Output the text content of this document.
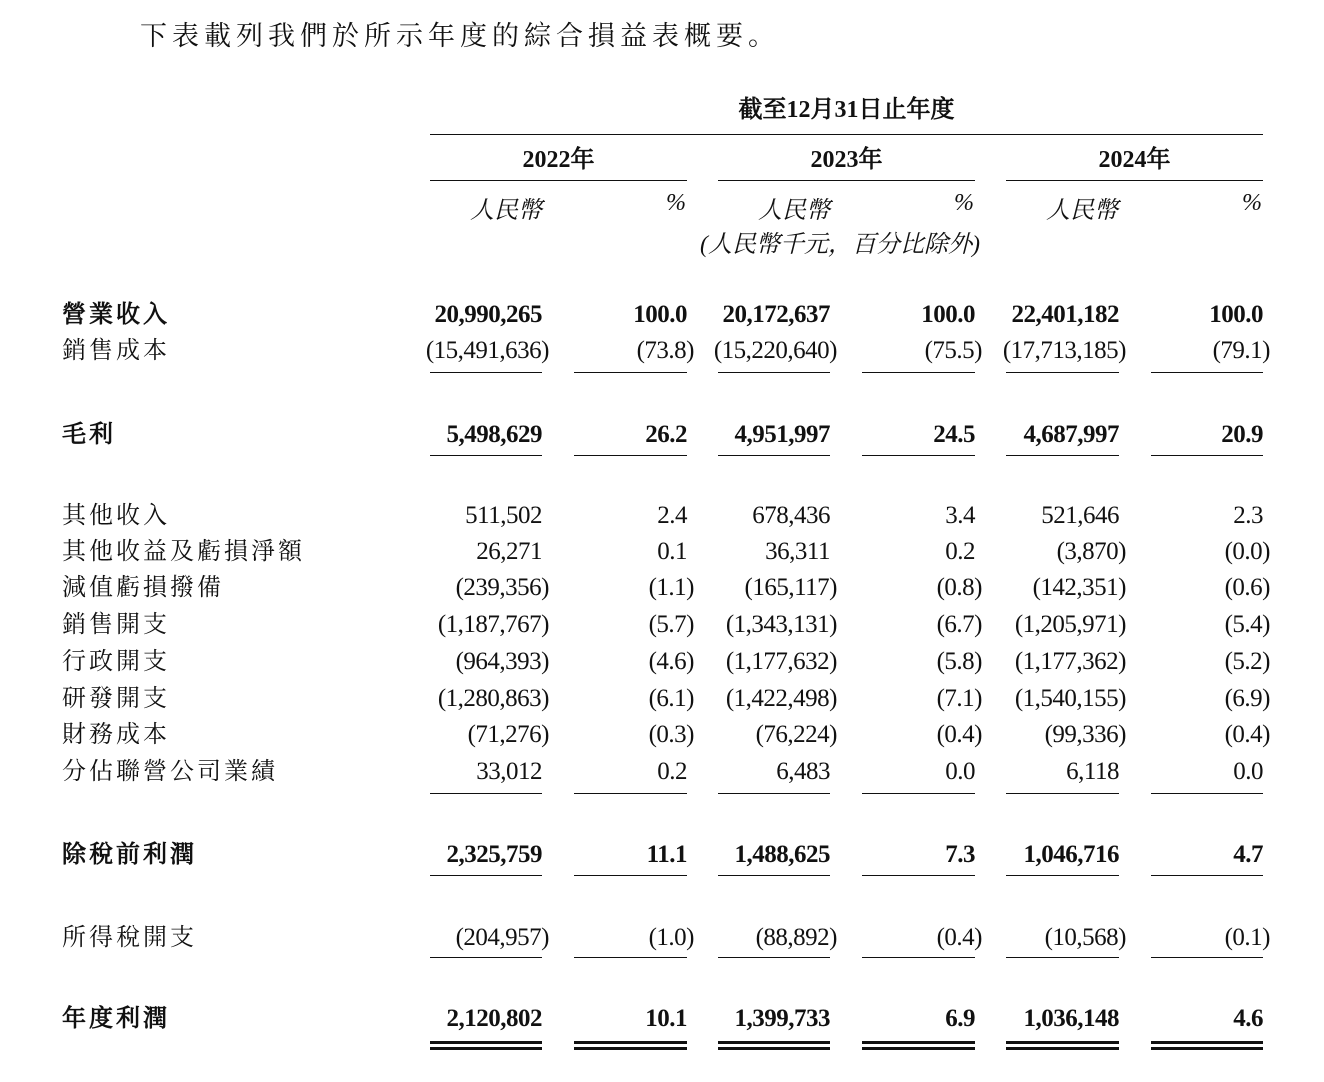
下表載列我們於所示年度的綜合損益表概要。
截至12月31日止年度
2022年	2023年	2024年
人民幣	%	人民幣	%	人民幣	%
(人民幣千元，百分比除外)
營業收入	20,990,265	100.0	20,172,637	100.0	22,401,182	100.0
銷售成本	(15,491,636)	(73.8) (15,220,640)	(75.5) (17,713,185)	(79.1)
毛利	5,498,629	26.2	4,951,997	24.5	4,687,997	20.9
其他收入	511,502	2.4	678,436	3.4	521,646	2.3
其他收益及虧損淨額	26,271	0.1	36,311	0.2	(3,870)	(0.0)
減值虧損撥備	(239,356)	(1.1)	(165,117)	(0.8)	(142,351)	(0.6)
銷售開支	(1,187,767)	(5.7)	(1,343,131)	(6.7)	(1,205,971)	(5.4)
行政開支	(964,393)	(4.6)	(1,177,632)	(5.8)	(1,177,362)	(5.2)
研發開支	(1,280,863)	(6.1)	(1,422,498)	(7.1)	(1,540,155)	(6.9)
財務成本	(71,276)	(0.3)	(76,224)	(0.4)	(99,336)	(0.4)
分佔聯營公司業績	33,012	0.2	6,483	0.0	6,118	0.0
除稅前利潤	2,325,759	11.1	1,488,625	7.3	1,046,716	4.7
所得稅開支	(204,957)	(1.0)	(88,892)	(0.4)	(10,568)	(0.1)
年度利潤	2,120,802	10.1	1,399,733	6.9	1,036,148	4.6
